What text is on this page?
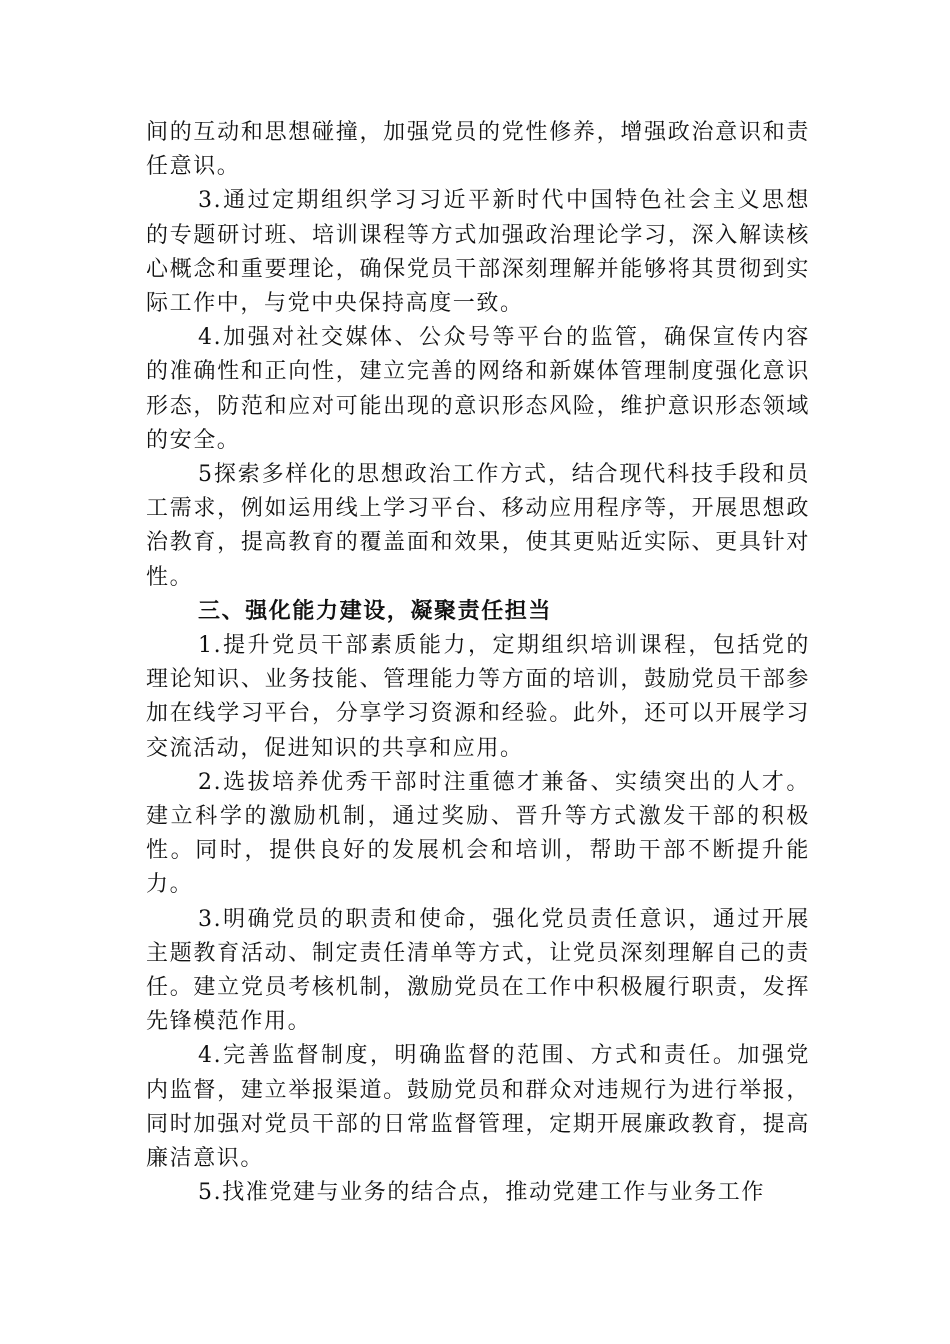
间的互动和思想碰撞，加强党员的党性修养，增强政治意识和责任意识。

3.通过定期组织学习习近平新时代中国特色社会主义思想的专题研讨班、培训课程等方式加强政治理论学习，深入解读核心概念和重要理论，确保党员干部深刻理解并能够将其贯彻到实际工作中，与党中央保持高度一致。

4.加强对社交媒体、公众号等平台的监管，确保宣传内容的准确性和正向性，建立完善的网络和新媒体管理制度强化意识形态，防范和应对可能出现的意识形态风险，维护意识形态领域的安全。

5探索多样化的思想政治工作方式，结合现代科技手段和员工需求，例如运用线上学习平台、移动应用程序等，开展思想政治教育，提高教育的覆盖面和效果，使其更贴近实际、更具针对性。

三、强化能力建设，凝聚责任担当

1.提升党员干部素质能力，定期组织培训课程，包括党的理论知识、业务技能、管理能力等方面的培训，鼓励党员干部参加在线学习平台，分享学习资源和经验。此外，还可以开展学习交流活动，促进知识的共享和应用。

2.选拔培养优秀干部时注重德才兼备、实绩突出的人才。建立科学的激励机制，通过奖励、晋升等方式激发干部的积极性。同时，提供良好的发展机会和培训，帮助干部不断提升能力。

3.明确党员的职责和使命，强化党员责任意识，通过开展主题教育活动、制定责任清单等方式，让党员深刻理解自己的责任。建立党员考核机制，激励党员在工作中积极履行职责，发挥先锋模范作用。

4.完善监督制度，明确监督的范围、方式和责任。加强党内监督，建立举报渠道。鼓励党员和群众对违规行为进行举报，同时加强对党员干部的日常监督管理，定期开展廉政教育，提高廉洁意识。

5.找准党建与业务的结合点，推动党建工作与业务工作
